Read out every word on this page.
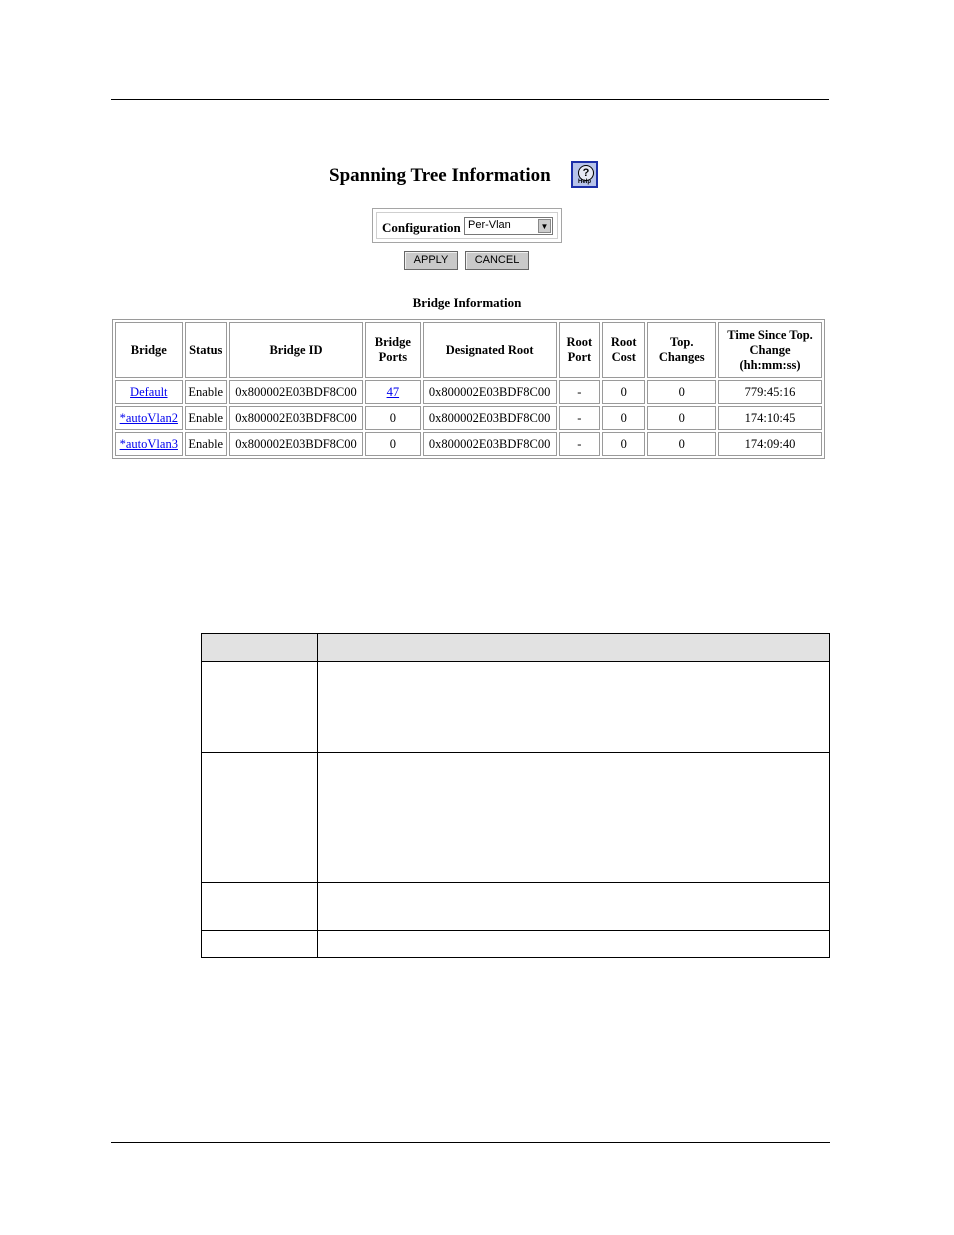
Spanning Tree Information	?
Help
Configuration Per-Vlan	▼
APPLY	CANCEL
Bridge Information
Bridge	Status	Bridge ID	Bridge Ports	Designated Root	Root Port	Root Cost	Top. Changes	Time Since Top. Change (hh:mm:ss)
Default	Enable	0x800002E03BDF8C00	47	0x800002E03BDF8C00	-	0	0	779:45:16
*autoVlan2	Enable	0x800002E03BDF8C00	0	0x800002E03BDF8C00	-	0	0	174:10:45
*autoVlan3	Enable	0x800002E03BDF8C00	0	0x800002E03BDF8C00	-	0	0	174:09:40
